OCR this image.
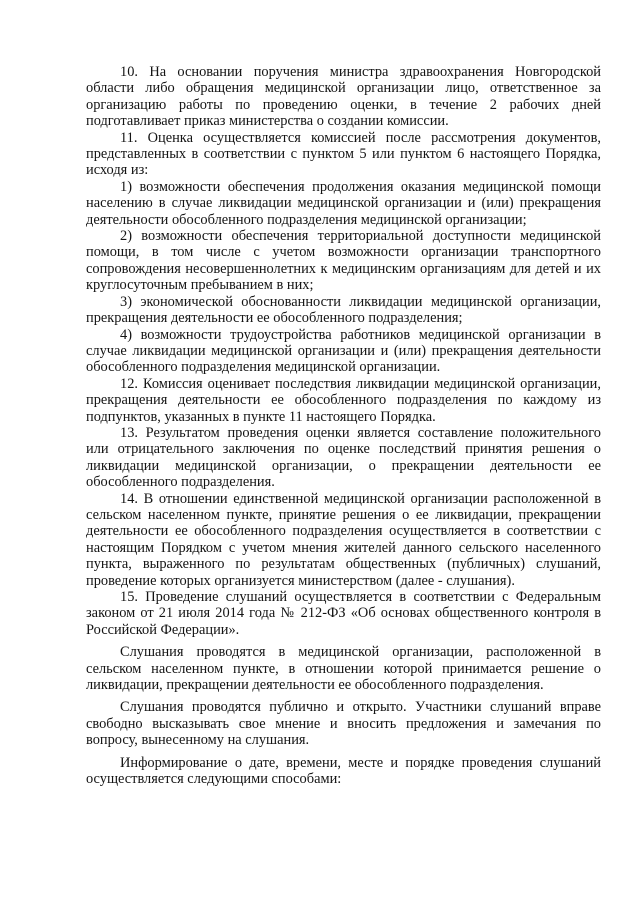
10. На основании поручения министра здравоохранения Новгородской области либо обращения медицинской организации лицо, ответственное за организацию работы по проведению оценки, в течение 2 рабочих дней подготавливает приказ министерства о создании комиссии.

11. Оценка осуществляется комиссией после рассмотрения документов, представленных в соответствии с пунктом 5 или пунктом 6 настоящего Порядка, исходя из:

1) возможности обеспечения продолжения оказания медицинской помощи населению в случае ликвидации медицинской организации и (или) прекращения деятельности обособленного подразделения медицинской организации;

2) возможности обеспечения территориальной доступности медицинской помощи, в том числе с учетом возможности организации транспортного сопровождения несовершеннолетних к медицинским организациям для детей и их круглосуточным пребыванием в них;

3) экономической обоснованности ликвидации медицинской организации, прекращения деятельности ее обособленного подразделения;

4) возможности трудоустройства работников медицинской организации в случае ликвидации медицинской организации и (или) прекращения деятельности обособленного подразделения медицинской организации.

12. Комиссия оценивает последствия ликвидации медицинской организации, прекращения деятельности ее обособленного подразделения по каждому из подпунктов, указанных в пункте 11 настоящего Порядка.

13. Результатом проведения оценки является составление положительного или отрицательного заключения по оценке последствий принятия решения о ликвидации медицинской организации, о прекращении деятельности ее обособленного подразделения.

14. В отношении единственной медицинской организации расположенной в сельском населенном пункте, принятие решения о ее ликвидации, прекращении деятельности ее обособленного подразделения осуществляется в соответствии с настоящим Порядком с учетом мнения жителей данного сельского населенного пункта, выраженного по результатам общественных (публичных) слушаний, проведение которых организуется министерством (далее - слушания).

15. Проведение слушаний осуществляется в соответствии с Федеральным законом от 21 июля 2014 года № 212-ФЗ «Об основах общественного контроля в Российской Федерации».

Слушания проводятся в медицинской организации, расположенной в сельском населенном пункте, в отношении которой принимается решение о ликвидации, прекращении деятельности ее обособленного подразделения.

Слушания проводятся публично и открыто. Участники слушаний вправе свободно высказывать свое мнение и вносить предложения и замечания по вопросу, вынесенному на слушания.

Информирование о дате, времени, месте и порядке проведения слушаний осуществляется следующими способами:
